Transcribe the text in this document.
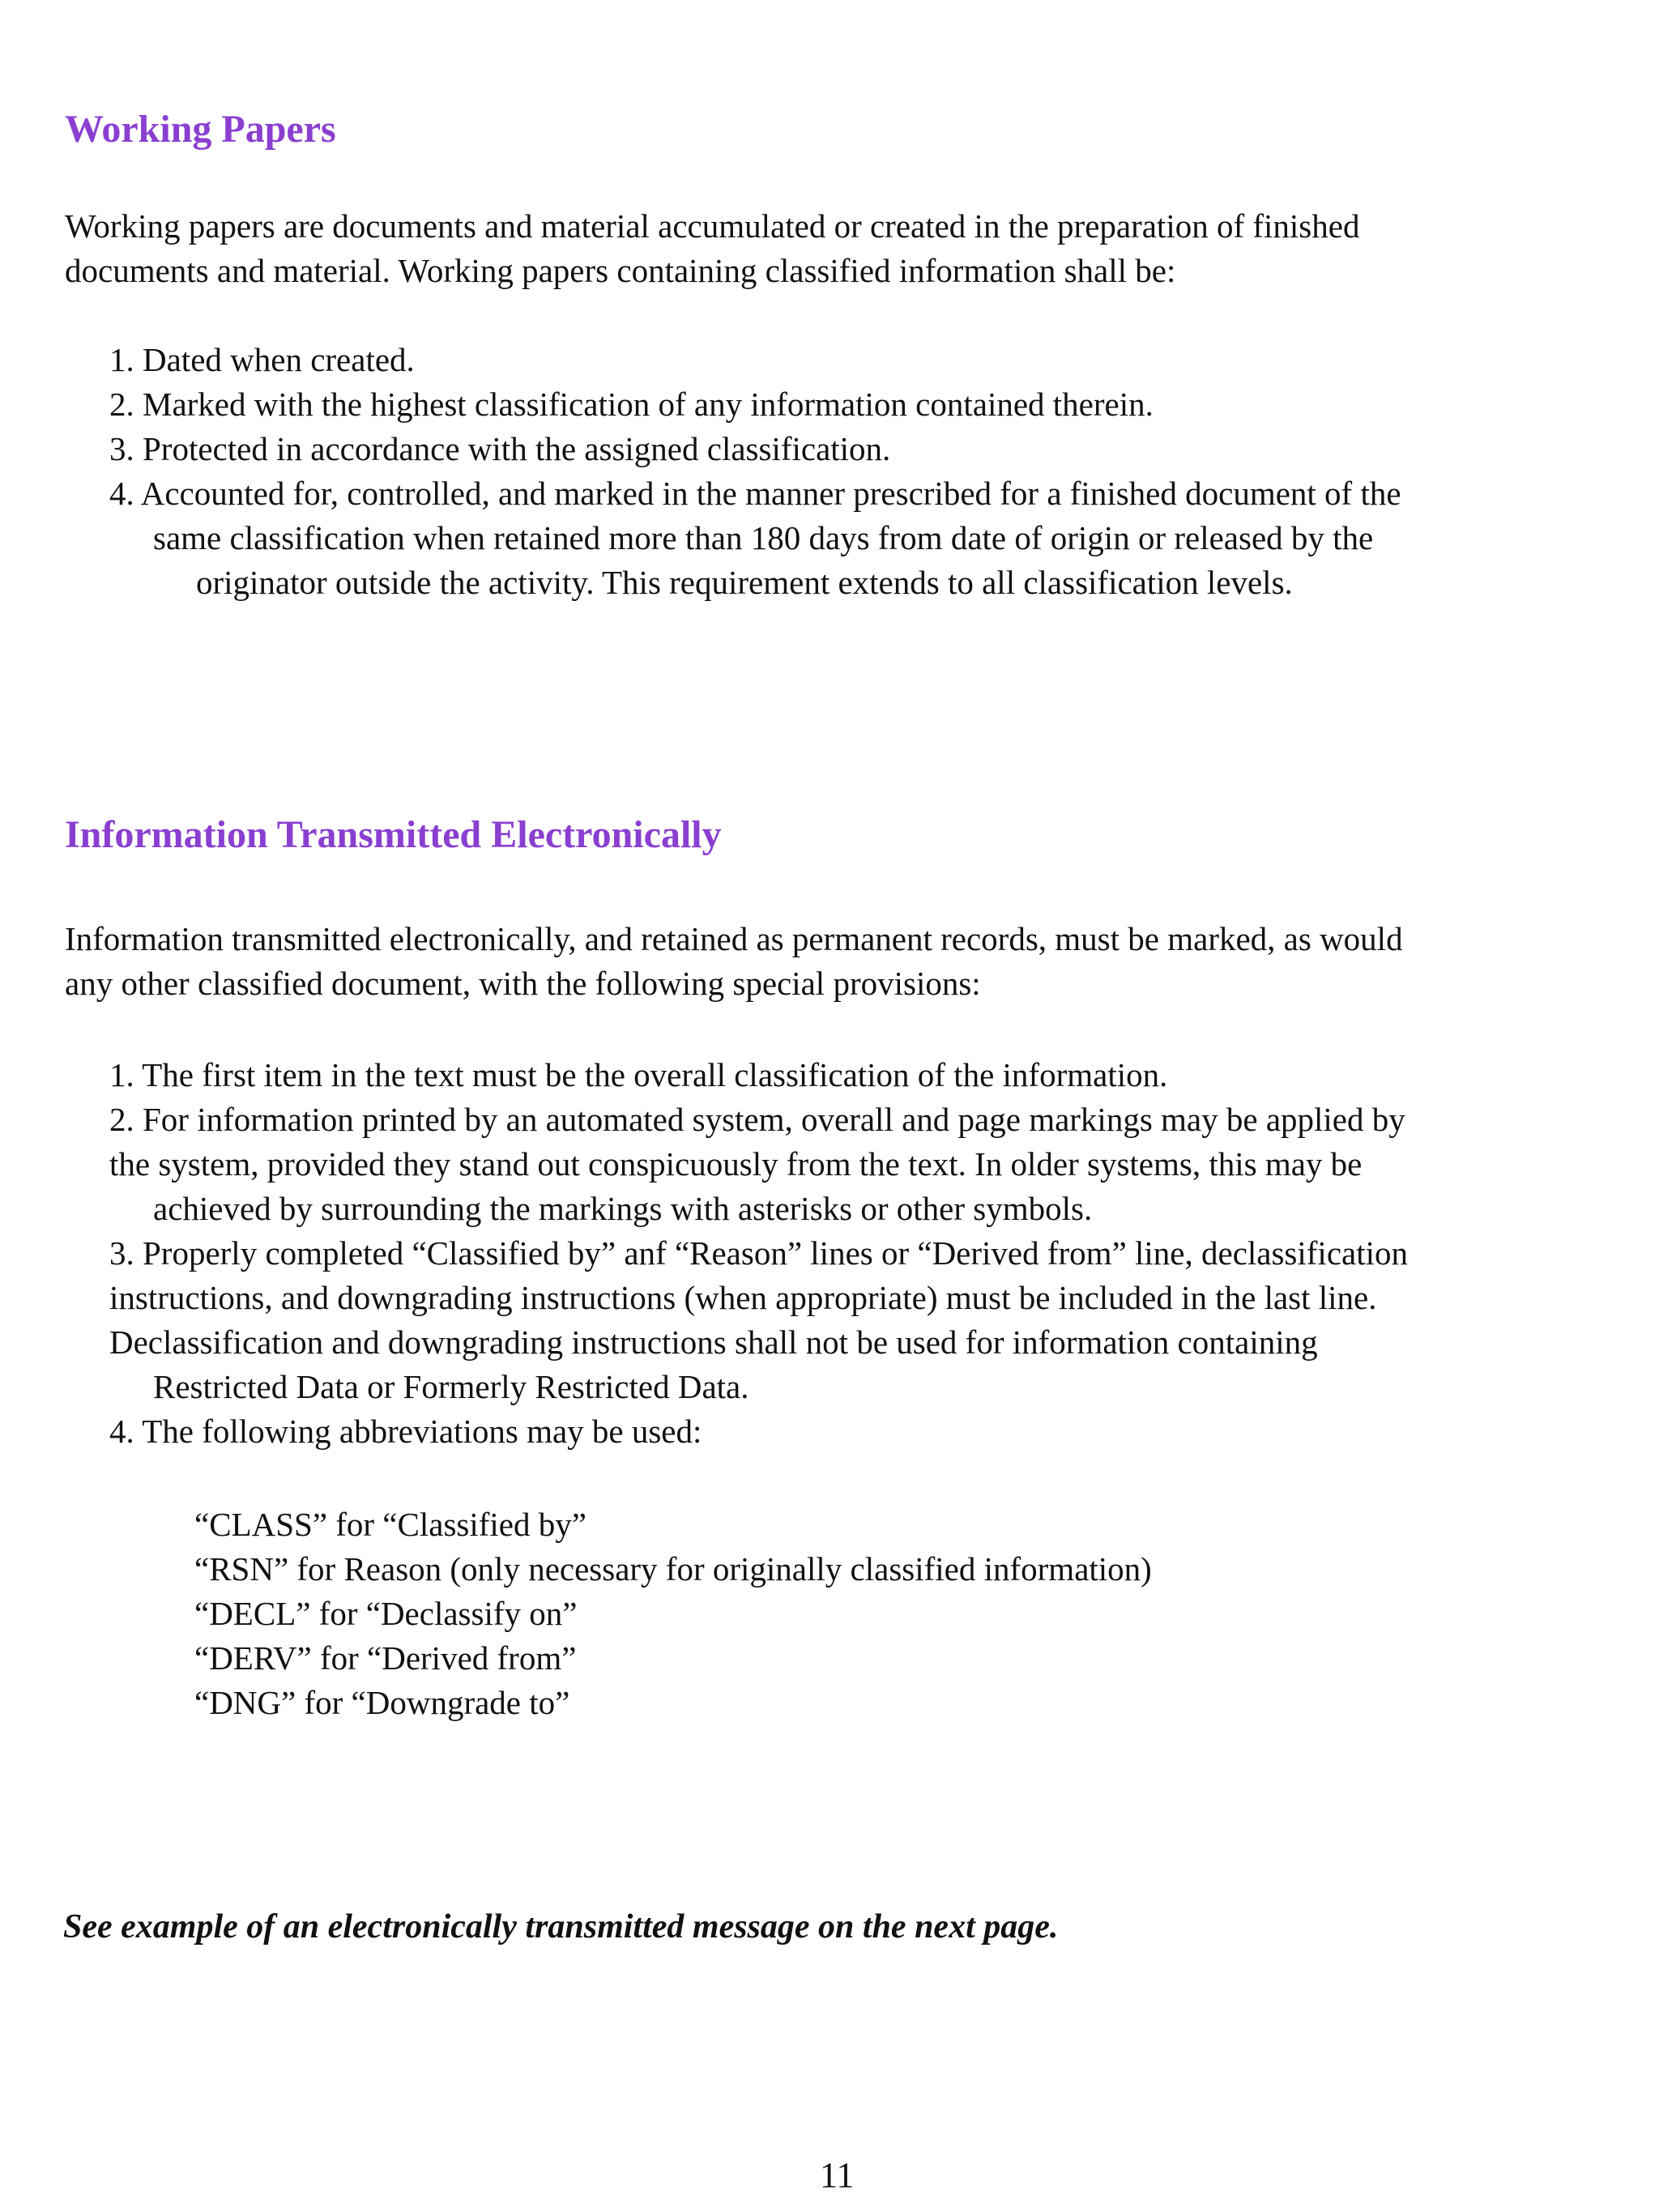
Working Papers

Working papers are documents and material accumulated or created in the preparation of finished
documents and material. Working papers containing classified information shall be:

1. Dated when created.
2. Marked with the highest classification of any information contained therein.
3. Protected in accordance with the assigned classification.
4. Accounted for, controlled, and marked in the manner prescribed for a finished document of the
same classification when retained more than 180 days from date of origin or released by the
originator outside the activity. This requirement extends to all classification levels.

Information Transmitted Electronically

Information transmitted electronically, and retained as permanent records, must be marked, as would
any other classified document, with the following special provisions:

1. The first item in the text must be the overall classification of the information.
2. For information printed by an automated system, overall and page markings may be applied by
the system, provided they stand out conspicuously from the text. In older systems, this may be
achieved by surrounding the markings with asterisks or other symbols.
3. Properly completed “Classified by” anf “Reason” lines or “Derived from” line, declassification
instructions, and downgrading instructions (when appropriate) must be included in the last line.
Declassification and downgrading instructions shall not be used for information containing
Restricted Data or Formerly Restricted Data.
4. The following abbreviations may be used:

“CLASS” for “Classified by”
“RSN” for Reason (only necessary for originally classified information)
“DECL” for “Declassify on”
“DERV” for “Derived from”
“DNG” for “Downgrade to”

See example of an electronically transmitted message on the next page.

11
